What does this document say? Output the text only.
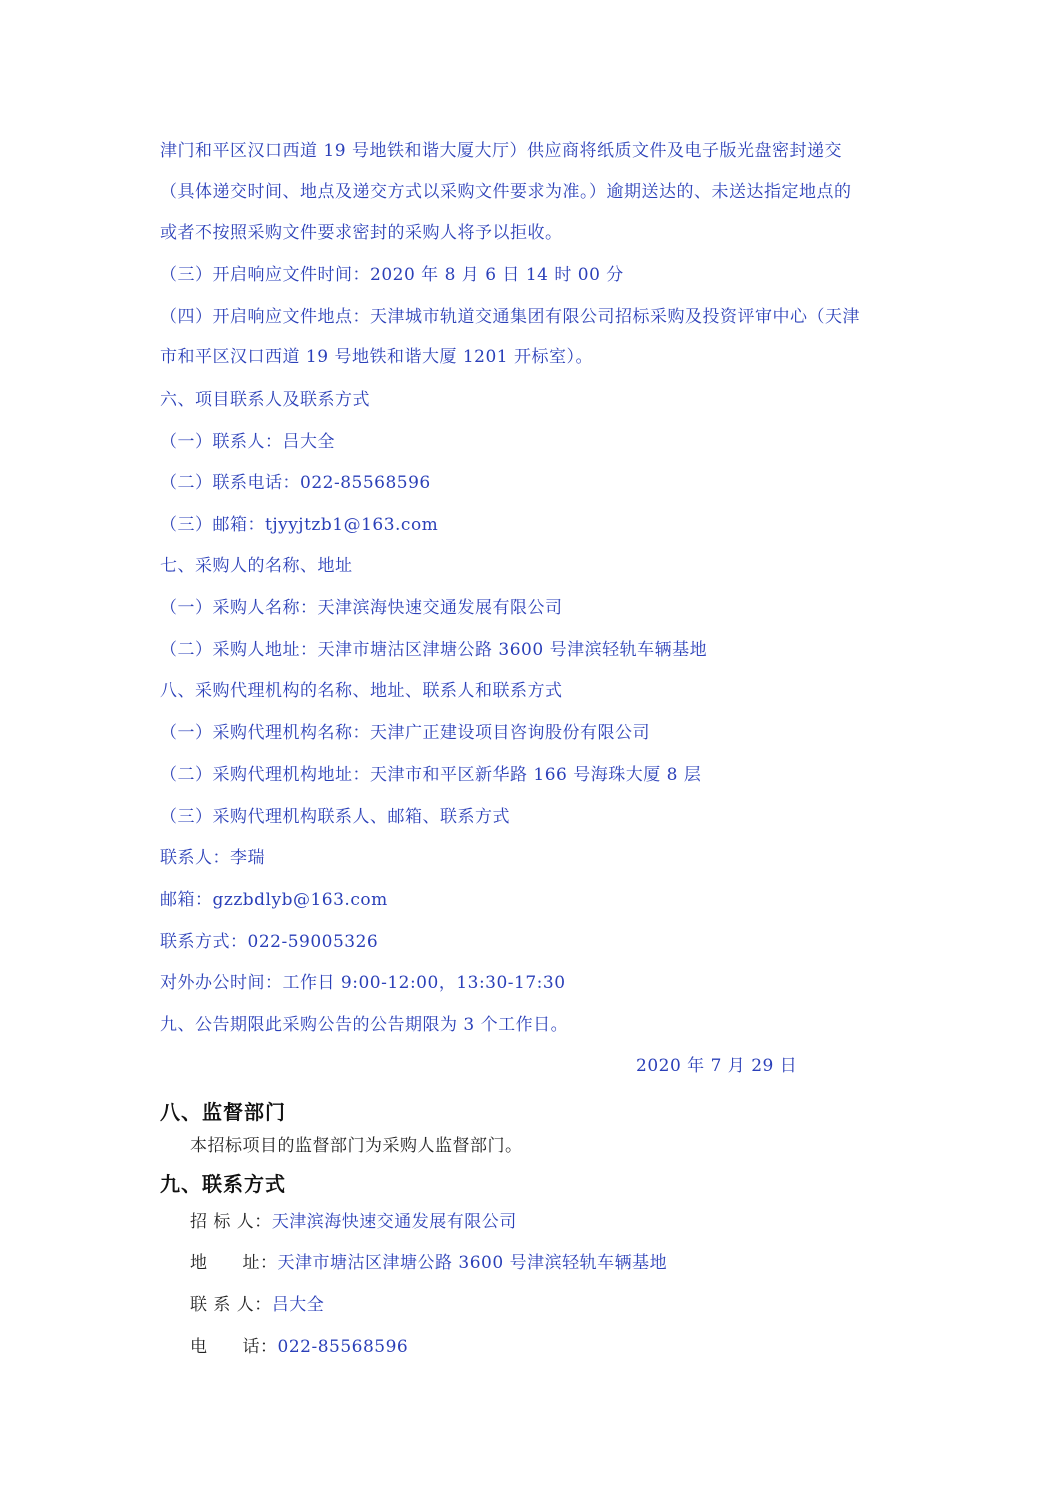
津门和平区汉口西道 19 号地铁和谐大厦大厅）供应商将纸质文件及电子版光盘密封递交
（具体递交时间、地点及递交方式以采购文件要求为准。）逾期送达的、未送达指定地点的
或者不按照采购文件要求密封的采购人将予以拒收。
（三）开启响应文件时间：2020 年 8 月 6 日 14 时 00 分
（四）开启响应文件地点：天津城市轨道交通集团有限公司招标采购及投资评审中心（天津
市和平区汉口西道 19 号地铁和谐大厦 1201 开标室）。
六、项目联系人及联系方式
（一）联系人：吕大全
（二）联系电话：022-85568596
（三）邮箱：tjyyjtzb1@163.com
七、采购人的名称、地址
（一）采购人名称：天津滨海快速交通发展有限公司
（二）采购人地址：天津市塘沽区津塘公路 3600 号津滨轻轨车辆基地
八、采购代理机构的名称、地址、联系人和联系方式
（一）采购代理机构名称：天津广正建设项目咨询股份有限公司
（二）采购代理机构地址：天津市和平区新华路 166 号海珠大厦 8 层
（三）采购代理机构联系人、邮箱、联系方式
联系人：李瑞
邮箱：gzzbdlyb@163.com
联系方式：022-59005326
对外办公时间：工作日 9:00-12:00，13:30-17:30
九、公告期限此采购公告的公告期限为 3 个工作日。
2020 年 7 月 29 日
八、监督部门
本招标项目的监督部门为采购人监督部门。
九、联系方式
招 标 人：天津滨海快速交通发展有限公司
地　　址：天津市塘沽区津塘公路 3600 号津滨轻轨车辆基地
联 系 人：吕大全
电　　话：022-85568596
